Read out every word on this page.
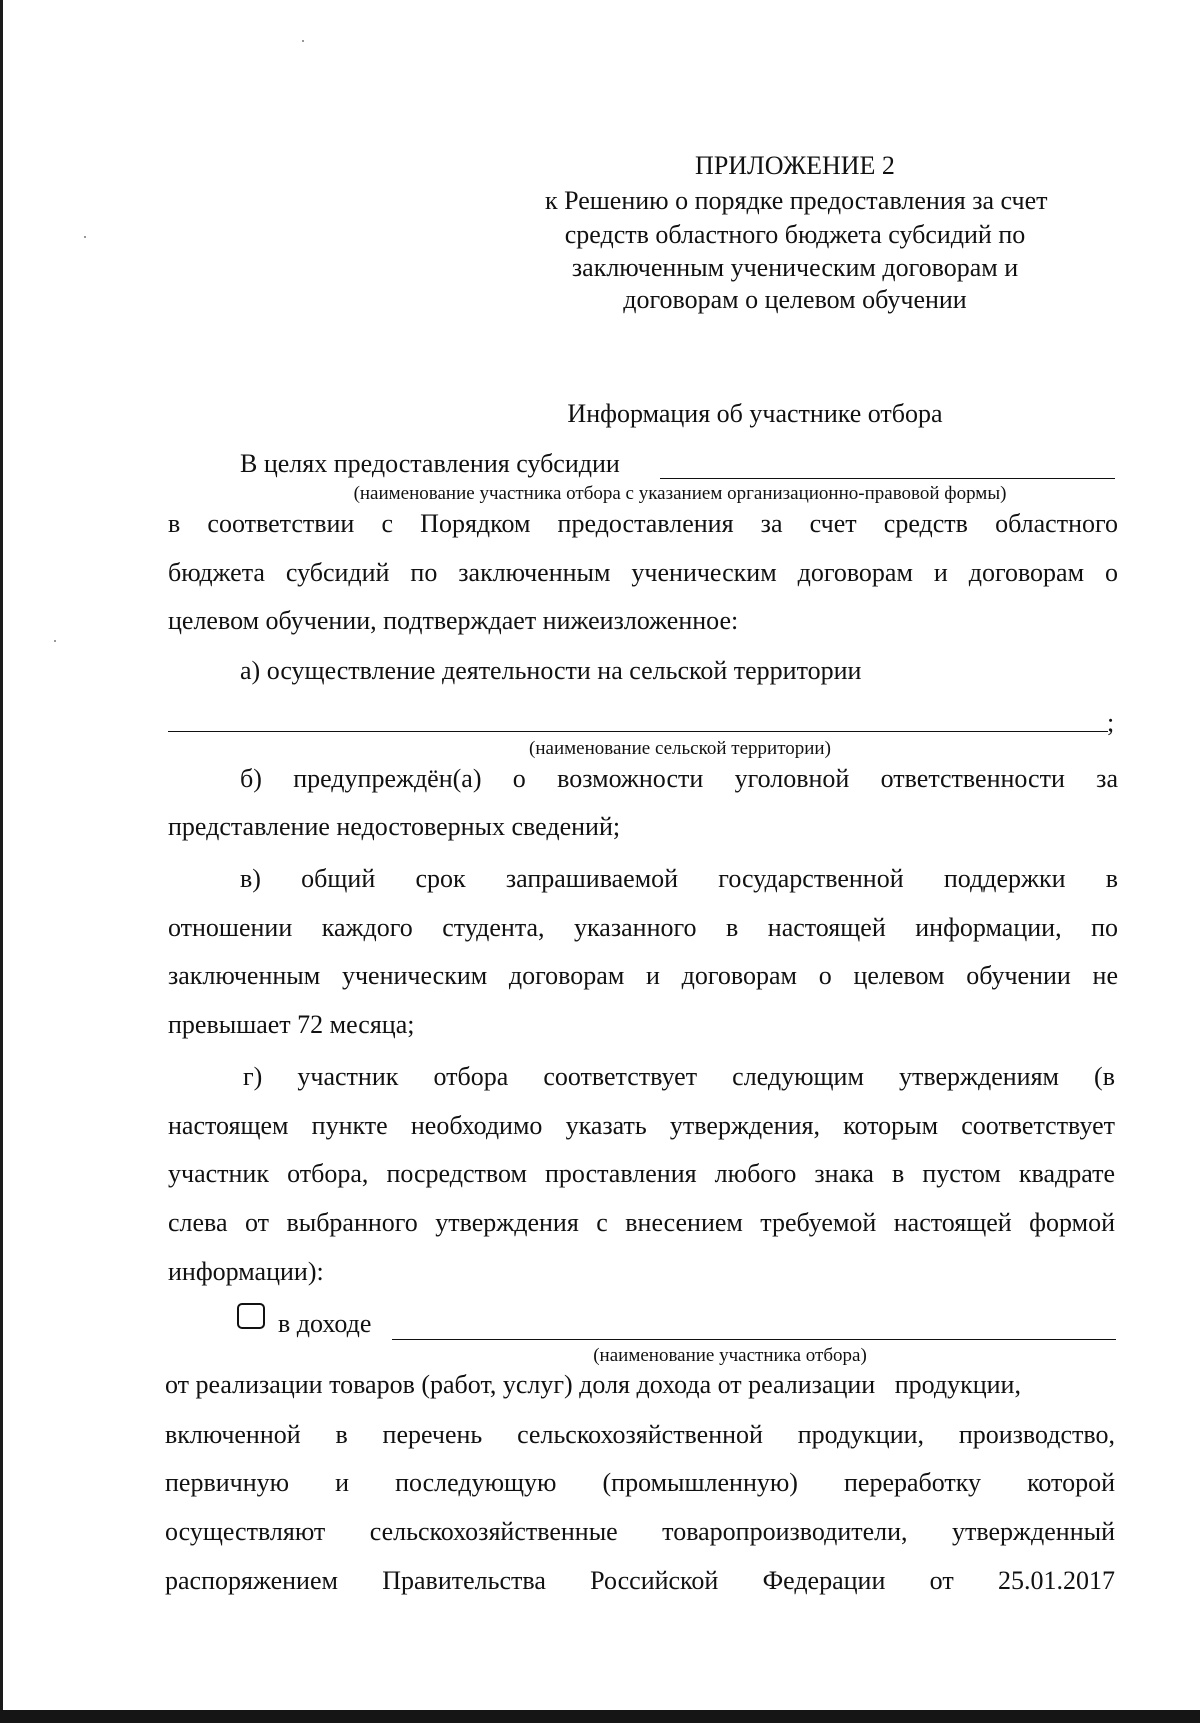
ПРИЛОЖЕНИЕ 2
к Решению о порядке предоставления за счет
средств областного бюджета субсидий по
заключенным ученическим договорам и
договорам о целевом обучении
Информация об участнике отбора
В целях предоставления субсидии
(наименование участника отбора с указанием организационно-правовой формы)
в соответствии с Порядком предоставления за счет средств областного
бюджета субсидий по заключенным ученическим договорам и договорам о
целевом обучении, подтверждает нижеизложенное:
а) осуществление деятельности на сельской территории
;
(наименование сельской территории)
б) предупреждён(а) о возможности уголовной ответственности за
представление недостоверных сведений;
в) общий срок запрашиваемой государственной поддержки в
отношении каждого студента, указанного в настоящей информации, по
заключенным ученическим договорам и договорам о целевом обучении не
превышает 72 месяца;
г) участник отбора соответствует следующим утверждениям (в
настоящем пункте необходимо указать утверждения, которым соответствует
участник отбора, посредством проставления любого знака в пустом квадрате
слева от выбранного утверждения с внесением требуемой настоящей формой
информации):
в доходе
(наименование участника отбора)
от реализации товаров (работ, услуг) доля дохода от реализации   продукции,
включенной в перечень сельскохозяйственной продукции, производство,
первичную и последующую (промышленную) переработку которой
осуществляют сельскохозяйственные товаропроизводители, утвержденный
распоряжением Правительства Российской Федерации от 25.01.2017
